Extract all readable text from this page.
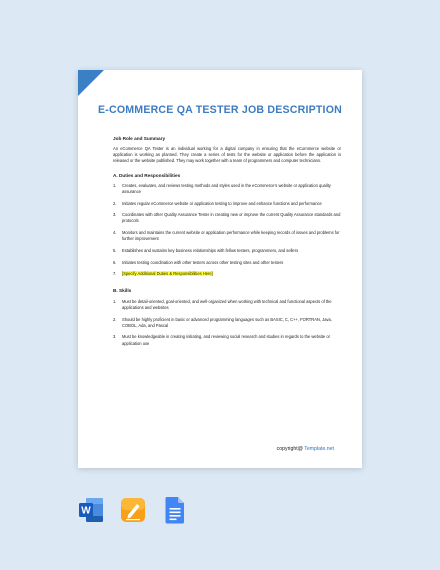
E-COMMERCE QA TESTER JOB DESCRIPTION

Job Role and Summary

An eCommerce QA Tester is an individual working for a digital company in ensuring that the eCommerce website or application is working as planned. They create a series of tests for the website or application before the application is released or the website published. They may work together with a team of programmers and computer technicians.

A. Duties and Responsibilities

1.	Creates, evaluates, and reviews testing methods and styles used in the eCommerce’s website or application quality assurance
2.	Initiates regular eCommerce website or application testing to improve and enhance functions and performance
3.	Coordinates with other Quality Assurance Tester in creating new or improve the current Quality Assurance standards and protocols
4.	Monitors and maintains the current website or application performance while keeping records of issues and problems for further improvement
5.	Establishes and sustains key business relationships with fellow testers, programmers, and sellers
6.	Initiates testing coordination with other testers across other testing sites and other testers
7.	[Specify Additional Duties & Responsibilities Here]

B. Skills

1.	Must be detail-oriented, goal-oriented, and well-organized when working with technical and functional aspects of the applications and websites
2.	Should be highly proficient in basic or advanced programming languages such as BASIC, C, C++, FORTRAN, Java, COBOL, Ada, and Pascal
3.	Must be knowledgeable in creating initiating, and reviewing social research and studies in regards to the website or application use
copyright@ Template.net
W
